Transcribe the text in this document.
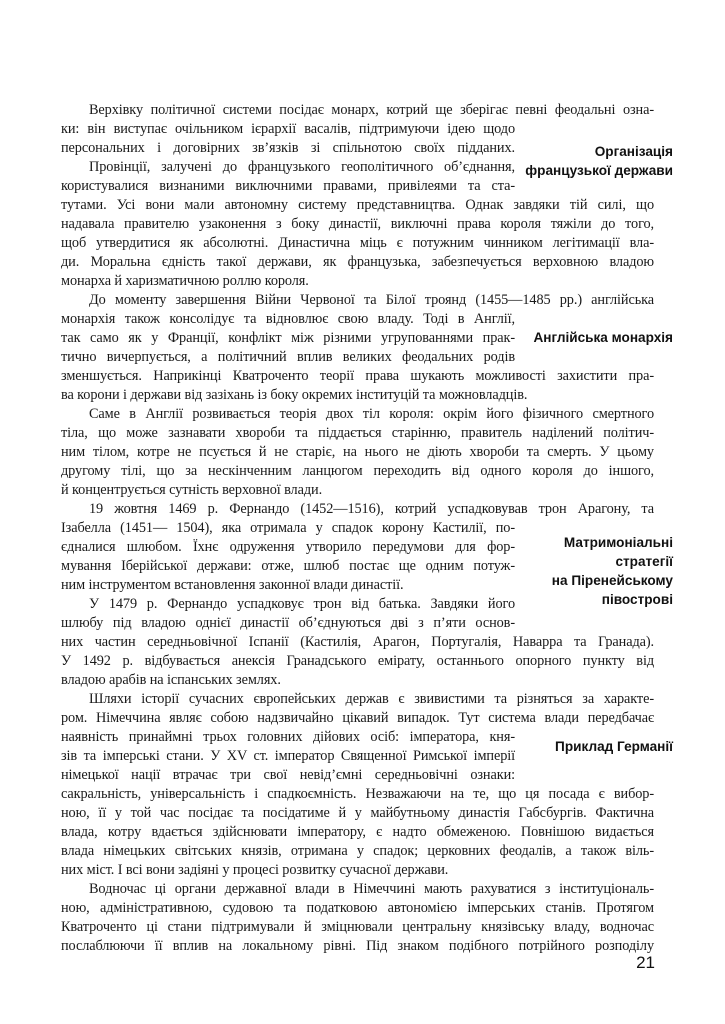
Верхівку політичної системи посідає монарх, котрий ще зберігає певні феодальні озна-
ки: він виступає очільником ієрархії васалів, підтримуючи ідею щодо
персональних і договірних зв’язків зі спільнотою своїх підданих.
Провінції, залучені до французького геополітичного об’єднання,
користувалися визнаними виключними правами, привілеями та ста-
тутами. Усі вони мали автономну систему представництва. Однак завдяки тій силі, що
надавала правителю узаконення з боку династії, виключні права короля тяжіли до того,
щоб утвердитися як абсолютні. Династична міць є потужним чинником легітимації вла-
ди. Моральна єдність такої держави, як французька, забезпечується верховною владою
монарха й харизматичною роллю короля.
До моменту завершення Війни Червоної та Білої троянд (1455—1485 рр.) англійська
монархія також консолідує та відновлює свою владу. Тоді в Англії,
так само як у Франції, конфлікт між різними угрупованнями прак-
тично вичерпується, а політичний вплив великих феодальних родів
зменшується. Наприкінці Кватроченто теорії права шукають можливості захистити пра-
ва корони і держави від зазіхань із боку окремих інституцій та можновладців.
Саме в Англії розвивається теорія двох тіл короля: окрім його фізичного смертного
тіла, що може зазнавати хвороби та піддається старінню, правитель наділений політич-
ним тілом, котре не псується й не старіє, на нього не діють хвороби та смерть. У цьому
другому тілі, що за нескінченним ланцюгом переходить від одного короля до іншого,
й концентрується сутність верховної влади.
19 жовтня 1469 р. Фернандо (1452—1516), котрий успадковував трон Арагону, та
Ізабелла (1451— 1504), яка отримала у спадок корону Кастилії, по-
єдналися шлюбом. Їхнє одруження утворило передумови для фор-
мування Іберійської держави: отже, шлюб постає ще одним потуж-
ним інструментом встановлення законної влади династії.
У 1479 р. Фернандо успадковує трон від батька. Завдяки його
шлюбу під владою однієї династії об’єднуються дві з п’яти основ-
них частин середньовічної Іспанії (Кастилія, Арагон, Португалія, Наварра та Гранада).
У 1492 р. відбувається анексія Гранадського емірату, останнього опорного пункту від
владою арабів на іспанських землях.
Шляхи історії сучасних європейських держав є звивистими та різняться за характе-
ром. Німеччина являє собою надзвичайно цікавий випадок. Тут система влади передбачає
наявність принаймні трьох головних дійових осіб: імператора, кня-
зів та імперські стани. У XV ст. імператор Священної Римської імперії
німецької нації втрачає три свої невід’ємні середньовічні ознаки:
сакральність, універсальність і спадкоємність. Незважаючи на те, що ця посада є вибор-
ною, її у той час посідає та посідатиме й у майбутньому династія Габсбургів. Фактична
влада, котру вдається здійснювати імператору, є надто обмеженою. Повнішою видається
влада німецьких світських князів, отримана у спадок; церковних феодалів, а також віль-
них міст. І всі вони задіяні у процесі розвитку сучасної держави.
Водночас ці органи державної влади в Німеччині мають рахуватися з інституціональ-
ною, адміністративною, судовою та податковою автономією імперських станів. Протягом
Кватроченто ці стани підтримували й зміцнювали центральну князівську владу, водночас
послаблюючи її вплив на локальному рівні. Під знаком подібного потрійного розподілу
Організація
французької держави
Англійська монархія
Матримоніальні
стратегії
на Піренейському
півострові
Приклад Германії
21
